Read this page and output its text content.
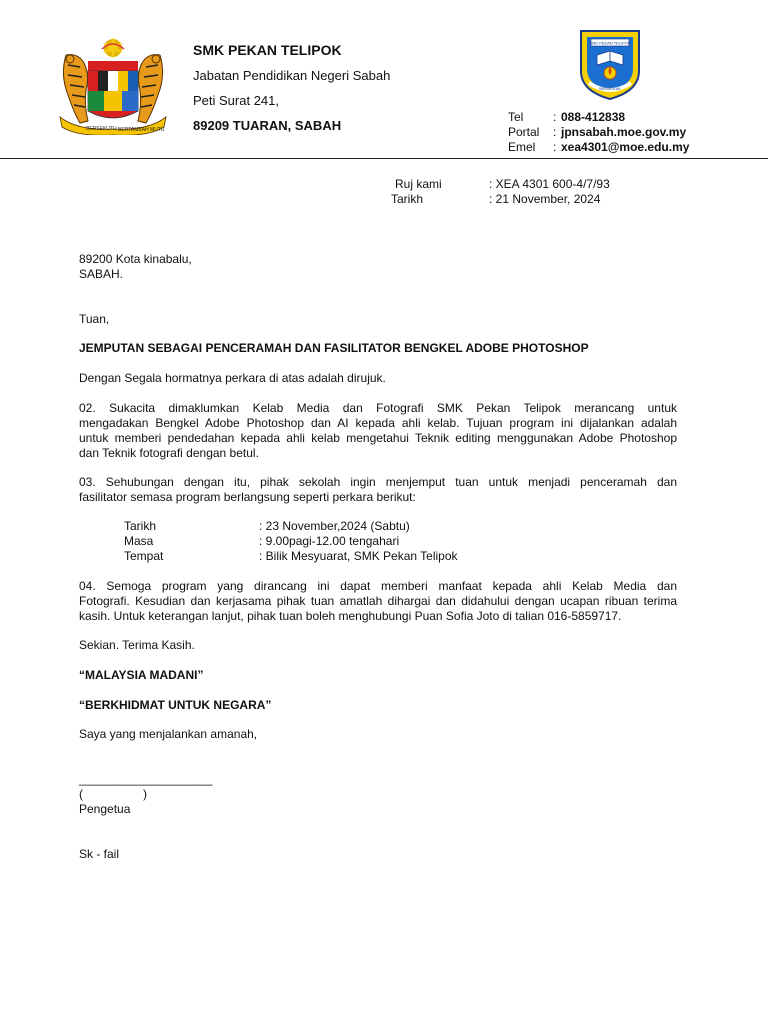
BERSEKUTU BERTAMBAH MUTU
SMK PEKAN TELIPOK
Jabatan Pendidikan Negeri Sabah
Peti Surat 241,
89209 TUARAN, SABAH
SMK PEKAN TELIPOK
BERAKHLAK
Tel : 088-412838
Portal : jpnsabah.moe.gov.my
Emel : xea4301@moe.edu.my
Ruj kami	: XEA 4301 600-4/7/93
Tarikh	: 21 November, 2024
89200 Kota kinabalu,
SABAH.
Tuan,
JEMPUTAN SEBAGAI PENCERAMAH DAN FASILITATOR BENGKEL ADOBE PHOTOSHOP
Dengan Segala hormatnya perkara di atas adalah dirujuk.
02. Sukacita dimaklumkan Kelab Media dan Fotografi SMK Pekan Telipok merancang untuk
mengadakan Bengkel Adobe Photoshop dan AI kepada ahli kelab. Tujuan program ini dijalankan adalah
untuk memberi pendedahan kepada ahli kelab mengetahui Teknik editing menggunakan Adobe Photoshop
dan Teknik fotografi dengan betul.
03. Sehubungan dengan itu, pihak sekolah ingin menjemput tuan untuk menjadi penceramah dan
fasilitator semasa program berlangsung seperti perkara berikut:
Tarikh	: 23 November,2024 (Sabtu)
Masa	: 9.00pagi-12.00 tengahari
Tempat	: Bilik Mesyuarat, SMK Pekan Telipok
04. Semoga program yang dirancang ini dapat memberi manfaat kepada ahli Kelab Media dan
Fotografi. Kesudian dan kerjasama pihak tuan amatlah dihargai dan didahului dengan ucapan ribuan terima
kasih. Untuk keterangan lanjut, pihak tuan boleh menghubungi Puan Sofia Joto di talian 016-5859717.
Sekian. Terima Kasih.
“MALAYSIA MADANI”
“BERKHIDMAT UNTUK NEGARA”
Saya yang menjalankan amanah,
____________________
(                  )
Pengetua
Sk - fail
